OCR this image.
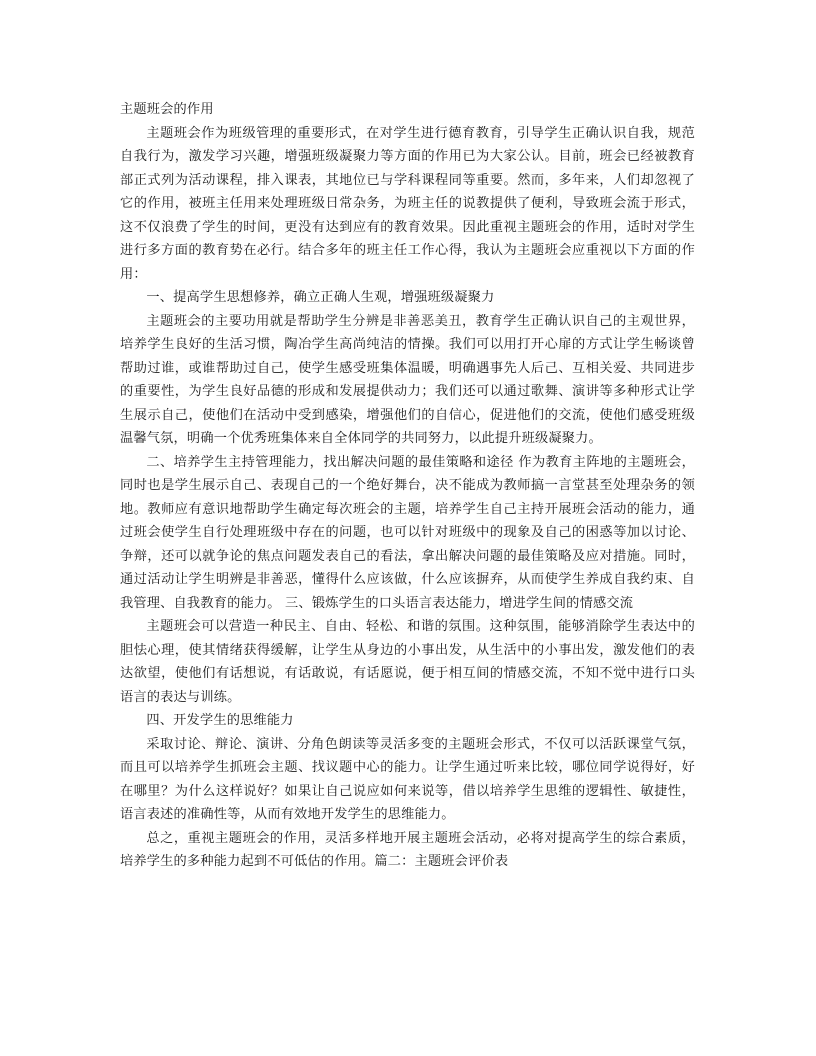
主题班会的作用

主题班会作为班级管理的重要形式，在对学生进行德育教育，引导学生正确认识自我，规范自我行为，激发学习兴趣，增强班级凝聚力等方面的作用已为大家公认。目前，班会已经被教育部正式列为活动课程，排入课表，其地位已与学科课程同等重要。然而，多年来，人们却忽视了它的作用，被班主任用来处理班级日常杂务，为班主任的说教提供了便利，导致班会流于形式，这不仅浪费了学生的时间，更没有达到应有的教育效果。因此重视主题班会的作用，适时对学生进行多方面的教育势在必行。结合多年的班主任工作心得，我认为主题班会应重视以下方面的作用：

一、提高学生思想修养，确立正确人生观，增强班级凝聚力

主题班会的主要功用就是帮助学生分辨是非善恶美丑，教育学生正确认识自己的主观世界，培养学生良好的生活习惯，陶冶学生高尚纯洁的情操。我们可以用打开心扉的方式让学生畅谈曾帮助过谁，或谁帮助过自己，使学生感受班集体温暖，明确遇事先人后己、互相关爱、共同进步的重要性，为学生良好品德的形成和发展提供动力；我们还可以通过歌舞、演讲等多种形式让学生展示自己，使他们在活动中受到感染，增强他们的自信心，促进他们的交流，使他们感受班级温馨气氛，明确一个优秀班集体来自全体同学的共同努力，以此提升班级凝聚力。

二、培养学生主持管理能力，找出解决问题的最佳策略和途径 作为教育主阵地的主题班会，同时也是学生展示自己、表现自己的一个绝好舞台，决不能成为教师搞一言堂甚至处理杂务的领地。教师应有意识地帮助学生确定每次班会的主题，培养学生自己主持开展班会活动的能力，通过班会使学生自行处理班级中存在的问题，也可以针对班级中的现象及自己的困惑等加以讨论、争辩，还可以就争论的焦点问题发表自己的看法，拿出解决问题的最佳策略及应对措施。同时，通过活动让学生明辨是非善恶，懂得什么应该做，什么应该摒弃，从而使学生养成自我约束、自我管理、自我教育的能力。 三、锻炼学生的口头语言表达能力，增进学生间的情感交流

主题班会可以营造一种民主、自由、轻松、和谐的氛围。这种氛围，能够消除学生表达中的胆怯心理，使其情绪获得缓解，让学生从身边的小事出发，从生活中的小事出发，激发他们的表达欲望，使他们有话想说，有话敢说，有话愿说，便于相互间的情感交流，不知不觉中进行口头语言的表达与训练。

四、开发学生的思维能力

采取讨论、辩论、演讲、分角色朗读等灵活多变的主题班会形式，不仅可以活跃课堂气氛，而且可以培养学生抓班会主题、找议题中心的能力。让学生通过听来比较，哪位同学说得好，好在哪里？为什么这样说好？如果让自己说应如何来说等，借以培养学生思维的逻辑性、敏捷性，语言表述的准确性等，从而有效地开发学生的思维能力。

总之，重视主题班会的作用，灵活多样地开展主题班会活动，必将对提高学生的综合素质，培养学生的多种能力起到不可低估的作用。篇二：主题班会评价表
